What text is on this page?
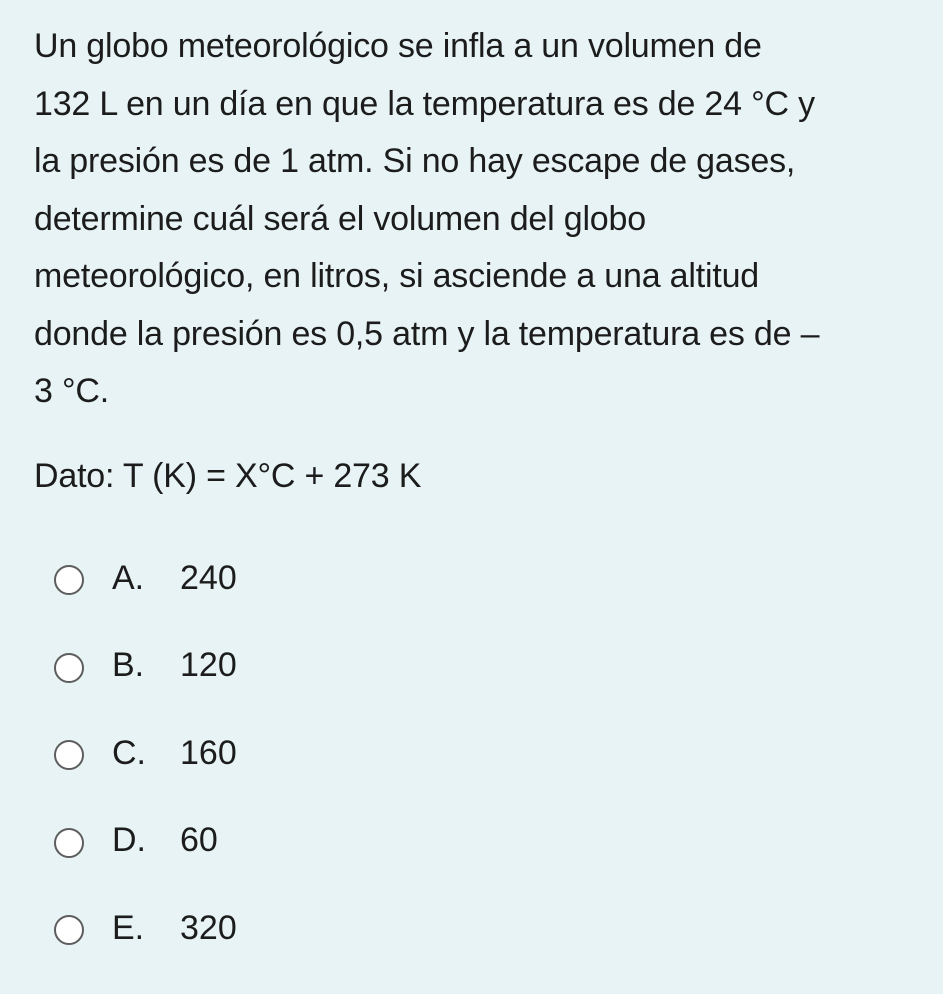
Un globo meteorológico se infla a un volumen de
132 L en un día en que la temperatura es de 24 °C y
la presión es de 1 atm. Si no hay escape de gases,
determine cuál será el volumen del globo
meteorológico, en litros, si asciende a una altitud
donde la presión es 0,5 atm y la temperatura es de –
3 °C.

Dato: T (K) = X°C + 273 K

A.	240
B.	120
C.	160
D.	60
E.	320
